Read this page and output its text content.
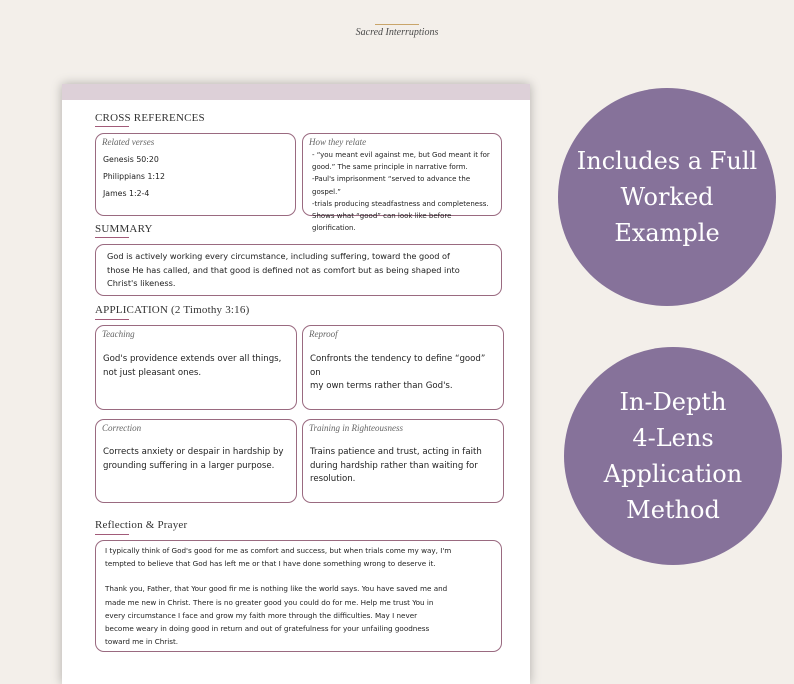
Sacred Interruptions
CROSS REFERENCES
Related verses
Genesis 50:20
Philippians 1:12
James 1:2-4
How they relate
- “you meant evil against me, but God meant it for
good.” The same principle in narrative form.
-Paul's imprisonment “served to advance the gospel.”
-trials producing steadfastness and completeness.
Shows what “good” can look like before glorification.
SUMMARY
God is actively working every circumstance, including suffering, toward the good of
those He has called, and that good is defined not as comfort but as being shaped into
Christ's likeness.
APPLICATION (2 Timothy 3:16)
Teaching
God's providence extends over all things,
not just pleasant ones.
Reproof
Confronts the tendency to define “good” on
my own terms rather than God's.
Correction
Corrects anxiety or despair in hardship by
grounding suffering in a larger purpose.
Training in Righteousness
Trains patience and trust, acting in faith
during hardship rather than waiting for
resolution.
Reflection & Prayer
I typically think of God's good for me as comfort and success, but when trials come my way, I'm
tempted to believe that God has left me or that I have done something wrong to deserve it.
Thank you, Father, that Your good fir me is nothing like the world says. You have saved me and
made me new in Christ. There is no greater good you could do for me. Help me trust You in
every circumstance I face and grow my faith more through the difficulties. May I never
become weary in doing good in return and out of gratefulness for your unfailing goodness
toward me in Christ.
Includes a Full
Worked
Example
In-Depth
4-Lens
Application
Method
